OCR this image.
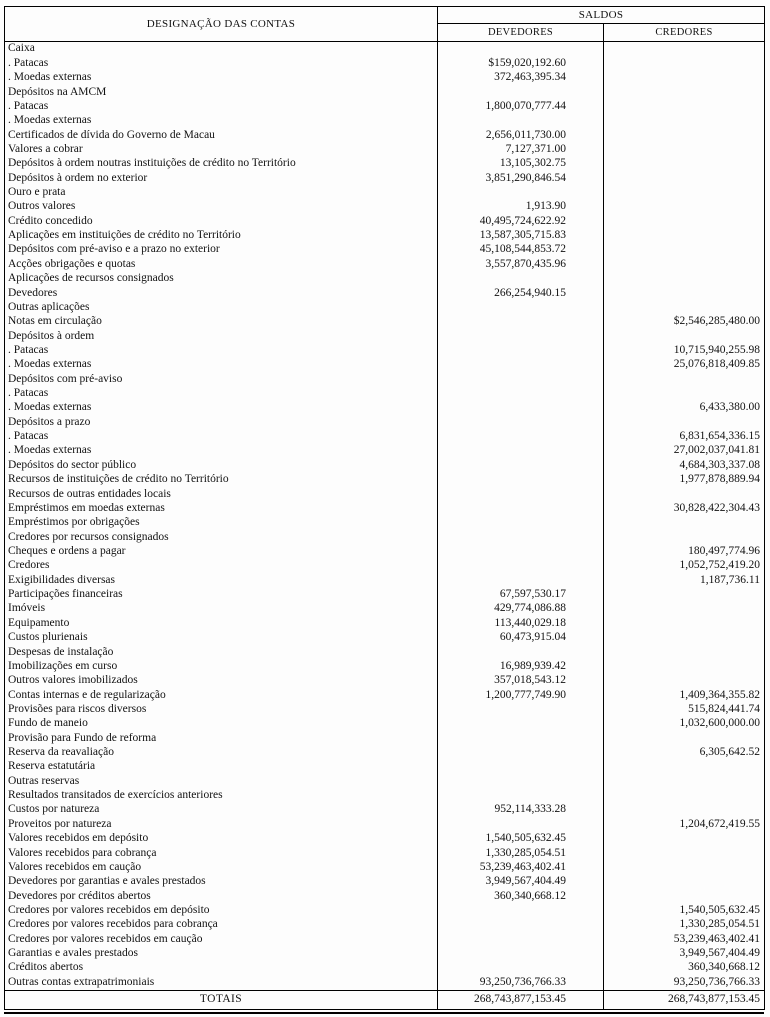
DESIGNAÇÃO DAS CONTAS	SALDOS	
	DEVEDORES	CREDORES
Caixa		
. Patacas	$159,020,192.60	
. Moedas externas	372,463,395.34	
Depósitos na AMCM		
. Patacas	1,800,070,777.44	
. Moedas externas		
Certificados de dívida do Governo de Macau	2,656,011,730.00	
Valores a cobrar	7,127,371.00	
Depósitos à ordem noutras instituições de crédito no Território	13,105,302.75	
Depósitos à ordem no exterior	3,851,290,846.54	
Ouro e prata		
Outros valores	1,913.90	
Crédito concedido	40,495,724,622.92	
Aplicações em instituições de crédito no Território	13,587,305,715.83	
Depósitos com pré-aviso e a prazo no exterior	45,108,544,853.72	
Acções obrigações e quotas	3,557,870,435.96	
Aplicações de recursos consignados		
Devedores	266,254,940.15	
Outras aplicações		
Notas em circulação		$2,546,285,480.00
Depósitos à ordem		
. Patacas		10,715,940,255.98
. Moedas externas		25,076,818,409.85
Depósitos com pré-aviso		
. Patacas		
. Moedas externas		6,433,380.00
Depósitos a prazo		
. Patacas		6,831,654,336.15
. Moedas externas		27,002,037,041.81
Depósitos do sector público		4,684,303,337.08
Recursos de instituições de crédito no Território		1,977,878,889.94
Recursos de outras entidades locais		
Empréstimos em moedas externas		30,828,422,304.43
Empréstimos por obrigações		
Credores por recursos consignados		
Cheques e ordens a pagar		180,497,774.96
Credores		1,052,752,419.20
Exigibilidades diversas		1,187,736.11
Participações financeiras	67,597,530.17	
Imóveis	429,774,086.88	
Equipamento	113,440,029.18	
Custos plurienais	60,473,915.04	
Despesas de instalação		
Imobilizações em curso	16,989,939.42	
Outros valores imobilizados	357,018,543.12	
Contas internas e de regularização	1,200,777,749.90	1,409,364,355.82
Provisões para riscos diversos		515,824,441.74
Fundo de maneio		1,032,600,000.00
Provisão para Fundo de reforma		
Reserva da reavaliação		6,305,642.52
Reserva estatutária		
Outras reservas		
Resultados transitados de exercícios anteriores		
Custos por natureza	952,114,333.28	
Proveitos por natureza		1,204,672,419.55
Valores recebidos em depósito	1,540,505,632.45	
Valores recebidos para cobrança	1,330,285,054.51	
Valores recebidos em caução	53,239,463,402.41	
Devedores por garantias e avales prestados	3,949,567,404.49	
Devedores por créditos abertos	360,340,668.12	
Credores por valores recebidos em depósito		1,540,505,632.45
Credores por valores recebidos para cobrança		1,330,285,054.51
Credores por valores recebidos em caução		53,239,463,402.41
Garantias e avales prestados		3,949,567,404.49
Créditos abertos		360,340,668.12
Outras contas extrapatrimoniais	93,250,736,766.33	93,250,736,766.33
TOTAIS	268,743,877,153.45	268,743,877,153.45
